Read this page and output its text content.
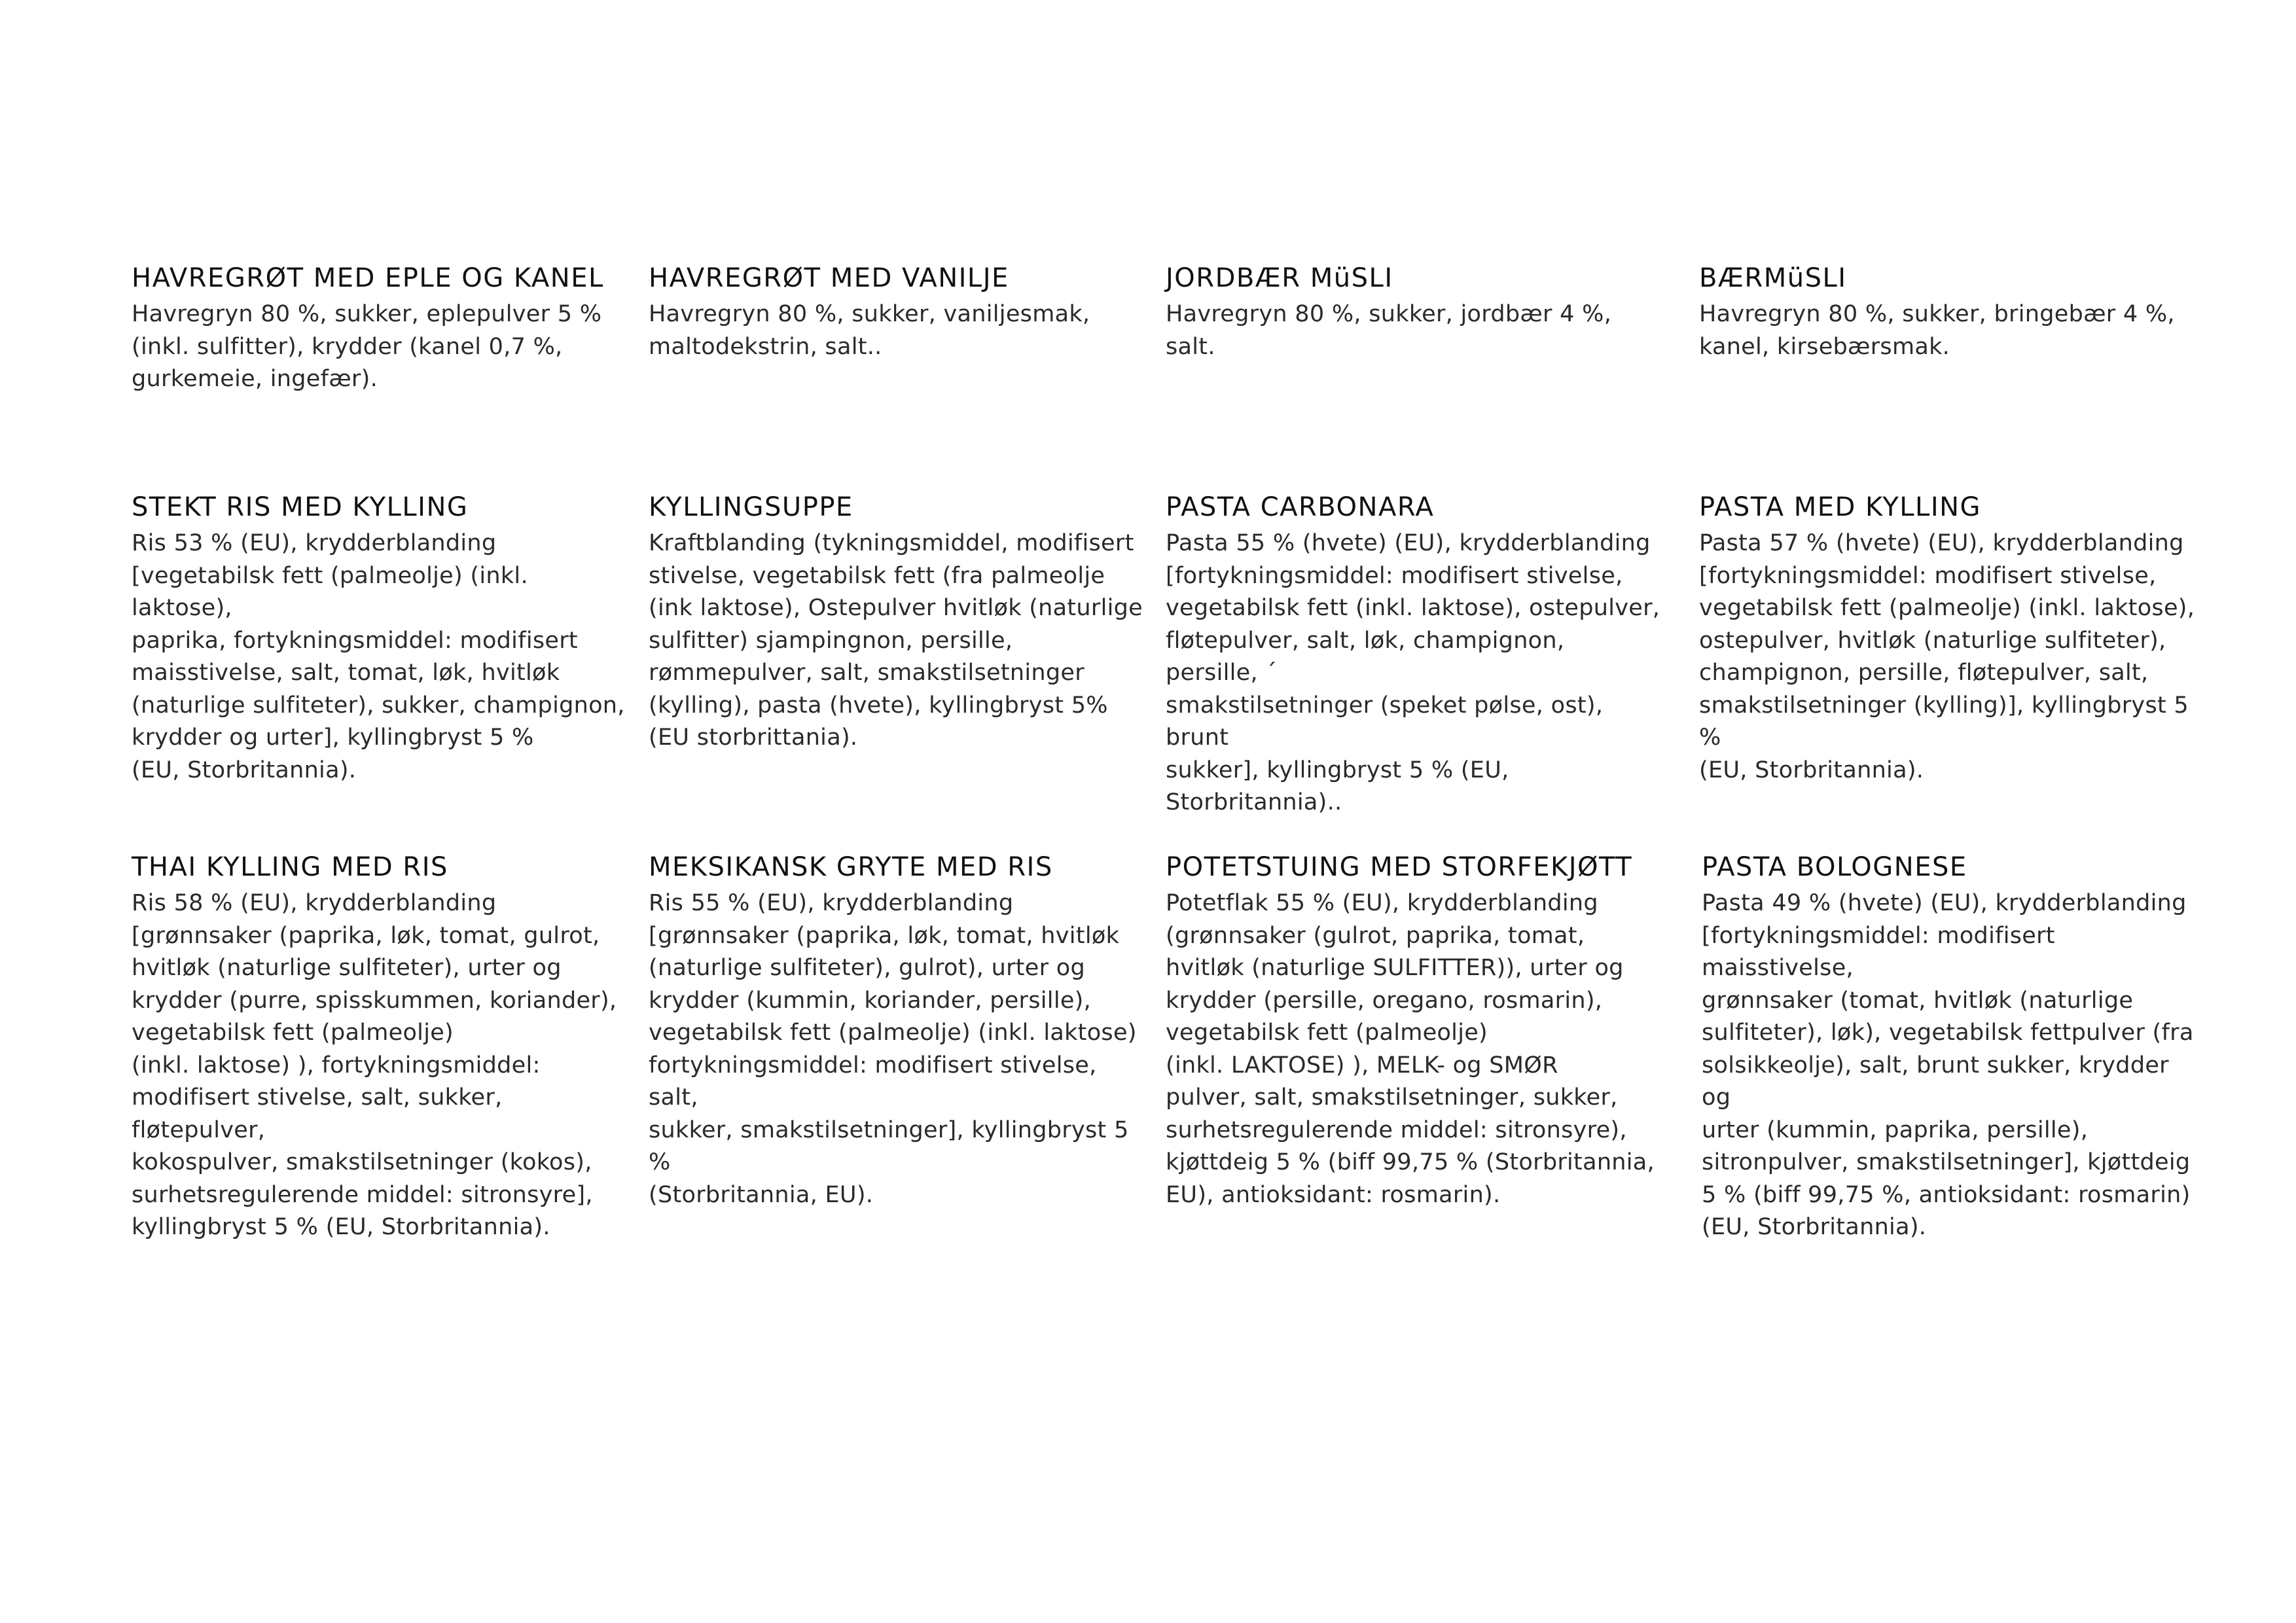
HAVREGRØT MED EPLE OG KANEL

Havregryn 80 %, sukker, eplepulver 5 %
(inkl. sulfitter), krydder (kanel 0,7 %,
gurkemeie, ingefær).

HAVREGRØT MED VANILJE

Havregryn 80 %, sukker, vaniljesmak,
maltodekstrin, salt..

JORDBÆR MüSLI

Havregryn 80 %, sukker, jordbær 4 %, salt.

BÆRMüSLI

Havregryn 80 %, sukker, bringebær 4 %,
kanel, kirsebærsmak.

STEKT RIS MED KYLLING

Ris 53 % (EU), krydderblanding
[vegetabilsk fett (palmeolje) (inkl. laktose),
paprika, fortykningsmiddel: modifisert
maisstivelse, salt, tomat, løk, hvitløk
(naturlige sulfiteter), sukker, champignon,
krydder og urter], kyllingbryst 5 %
(EU, Storbritannia).

KYLLINGSUPPE

Kraftblanding (tykningsmiddel, modifisert
stivelse, vegetabilsk fett (fra palmeolje
(ink laktose), Ostepulver hvitløk (naturlige
sulfitter) sjampingnon, persille,
rømmepulver, salt, smakstilsetninger
(kylling), pasta (hvete), kyllingbryst 5%
(EU storbrittania).

PASTA CARBONARA

Pasta 55 % (hvete) (EU), krydderblanding
[fortykningsmiddel: modifisert stivelse,
vegetabilsk fett (inkl. laktose), ostepulver,
fløtepulver, salt, løk, champignon, persille, ´
smakstilsetninger (speket pølse, ost), brunt
sukker], kyllingbryst 5 % (EU,
Storbritannia)..

PASTA MED KYLLING

Pasta 57 % (hvete) (EU), krydderblanding
[fortykningsmiddel: modifisert stivelse,
vegetabilsk fett (palmeolje) (inkl. laktose),
ostepulver, hvitløk (naturlige sulfiteter),
champignon, persille, fløtepulver, salt,
smakstilsetninger (kylling)], kyllingbryst 5 %
(EU, Storbritannia).

THAI KYLLING MED RIS

Ris 58 % (EU), krydderblanding
[grønnsaker (paprika, løk, tomat, gulrot,
hvitløk (naturlige sulfiteter), urter og
krydder (purre, spisskummen, koriander),
vegetabilsk fett (palmeolje)
(inkl. laktose) ), fortykningsmiddel:
modifisert stivelse, salt, sukker, fløtepulver,
kokospulver, smakstilsetninger (kokos),
surhetsregulerende middel: sitronsyre],
kyllingbryst 5 % (EU, Storbritannia).

MEKSIKANSK GRYTE MED RIS

Ris 55 % (EU), krydderblanding
[grønnsaker (paprika, løk, tomat, hvitløk
(naturlige sulfiteter), gulrot), urter og
krydder (kummin, koriander, persille),
vegetabilsk fett (palmeolje) (inkl. laktose)
fortykningsmiddel: modifisert stivelse, salt,
sukker, smakstilsetninger], kyllingbryst 5 %
(Storbritannia, EU).

POTETSTUING MED STORFEKJØTT

Potetflak 55 % (EU), krydderblanding
(grønnsaker (gulrot, paprika, tomat,
hvitløk (naturlige SULFITTER)), urter og
krydder (persille, oregano, rosmarin),
vegetabilsk fett (palmeolje)
(inkl. LAKTOSE) ), MELK- og SMØR
pulver, salt, smakstilsetninger, sukker,
surhetsregulerende middel: sitronsyre),
kjøttdeig 5 % (biff 99,75 % (Storbritannia,
EU), antioksidant: rosmarin).

PASTA BOLOGNESE

Pasta 49 % (hvete) (EU), krydderblanding
[fortykningsmiddel: modifisert maisstivelse,
grønnsaker (tomat, hvitløk (naturlige
sulfiteter), løk), vegetabilsk fettpulver (fra
solsikkeolje), salt, brunt sukker, krydder og
urter (kummin, paprika, persille),
sitronpulver, smakstilsetninger], kjøttdeig
5 % (biff 99,75 %, antioksidant: rosmarin)
(EU, Storbritannia).
